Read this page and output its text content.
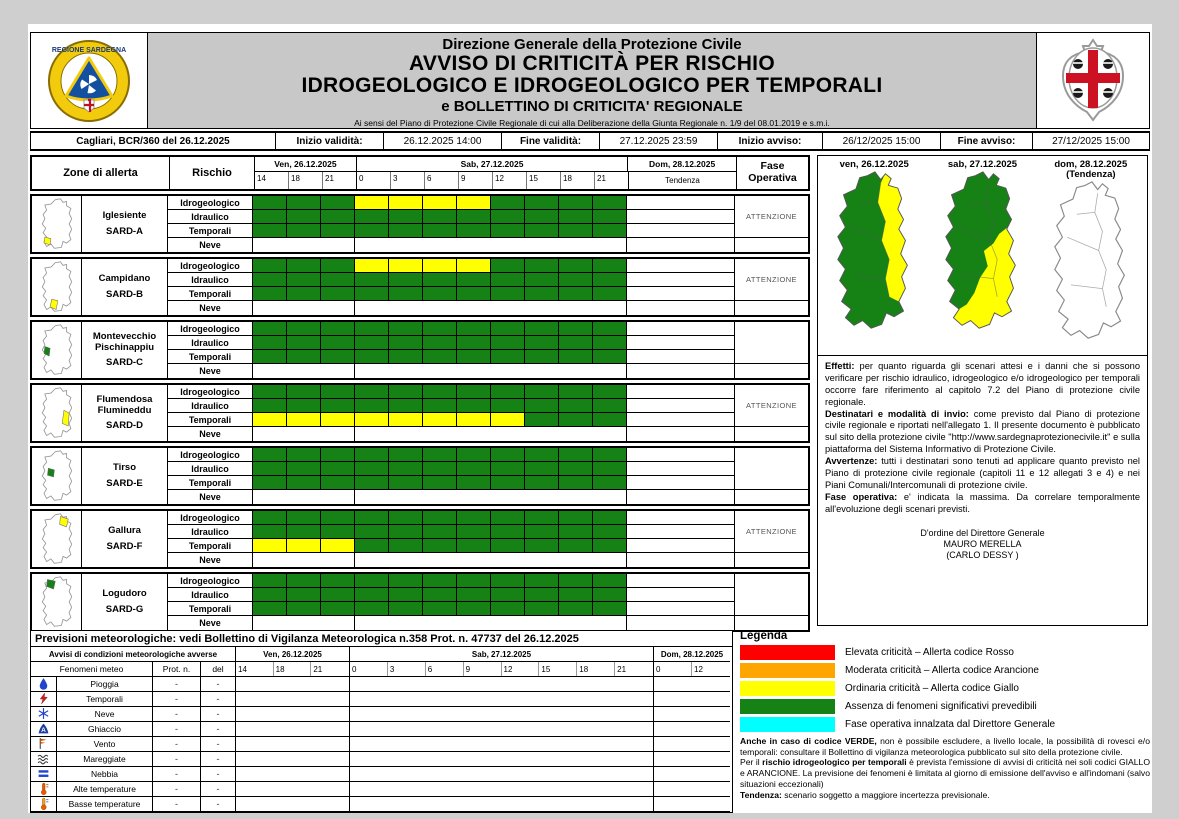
REGIONE SARDEGNA	Direzione Generale della Protezione Civile
AVVISO DI CRITICITÀ PER RISCHIO
IDROGEOLOGICO E IDROGEOLOGICO PER TEMPORALI
e BOLLETTINO DI CRITICITA' REGIONALE
Ai sensi del Piano di Protezione Civile Regionale di cui alla Deliberazione della Giunta Regionale n. 1/9 del 08.01.2019 e s.m.i.
Cagliari, BCR/360 del 26.12.2025	Inizio validità:	26.12.2025 14:00	Fine validità:	27.12.2025 23:59	Inizio avviso:	26/12/2025 15:00	Fine avviso:	27/12/2025 15:00
Zone di allerta	Rischio
Ven, 26.12.2025	Sab, 27.12.2025	Dom, 28.12.2025
14	18	21	0	3	6	9	12	15	18	21	Tendenza
Fase Operativa
Iglesiente
SARD-A
Idrogeologico
Idraulico
Temporali
Neve
ATTENZIONE
Campidano
SARD-B
Idrogeologico
Idraulico
Temporali
Neve
ATTENZIONE
Montevecchio Pischinappiu
SARD-C
Idrogeologico
Idraulico
Temporali
Neve
Flumendosa Flumineddu
SARD-D
Idrogeologico
Idraulico
Temporali
Neve
ATTENZIONE
Tirso
SARD-E
Idrogeologico
Idraulico
Temporali
Neve
Gallura
SARD-F
Idrogeologico
Idraulico
Temporali
Neve
ATTENZIONE
Logudoro
SARD-G
Idrogeologico
Idraulico
Temporali
Neve
ven, 26.12.2025	sab, 27.12.2025	dom, 28.12.2025
(Tendenza)
Effetti: per quanto riguarda gli scenari attesi e i danni che si possono verificare per rischio idraulico, idrogeologico e/o idrogeologico per temporali occorre fare riferimento al capitolo 7.2 del Piano di protezione civile regionale.
Destinatari e modalità di invio: come previsto dal Piano di protezione civile regionale e riportati nell'allegato 1. Il presente documento è pubblicato sul sito della protezione civile "http://www.sardegnaprotezionecivile.it" e sulla piattaforma del Sistema Informativo di Protezione Civile.
Avvertenze: tutti i destinatari sono tenuti ad applicare quanto previsto nel Piano di protezione civile regionale (capitoli 11 e 12 allegati 3 e 4) e nei Piani Comunali/Intercomunali di protezione civile.
Fase operativa: e' indicata la massima. Da correlare temporalmente all'evoluzione degli scenari previsti.
D'ordine del Direttore Generale
MAURO MERELLA
(CARLO DESSY )
Previsioni meteorologiche: vedi Bollettino di Vigilanza Meteorologica n.358 Prot. n. 47737 del 26.12.2025
Avvisi di condizioni meteorologiche avverse	Ven, 26.12.2025	Sab, 27.12.2025	Dom, 28.12.2025
Fenomeni meteo	Prot. n.	del	14	18	21	0	3	6	9	12	15	18	21	0	12
Pioggia	-	-
Temporali	-	-
Neve	-	-
A	Ghiaccio	-	-
Vento	-	-
Mareggiate	-	-
Nebbia	-	-
Alte temperature	-	-
Basse temperature	-	-
Legenda
Elevata criticità – Allerta codice Rosso
Moderata criticità – Allerta codice Arancione
Ordinaria criticità – Allerta codice Giallo
Assenza di fenomeni significativi prevedibili
Fase operativa innalzata dal Direttore Generale
Anche in caso di codice VERDE, non è possibile escludere, a livello locale, la possibilità di rovesci e/o temporali: consultare il Bollettino di vigilanza meteorologica pubblicato sul sito della protezione civile.
Per il rischio idrogeologico per temporali è prevista l'emissione di avvisi di criticità nei soli codici GIALLO e ARANCIONE. La previsione dei fenomeni è limitata al giorno di emissione dell'avviso e all'indomani (salvo situazioni eccezionali)
Tendenza: scenario soggetto a maggiore incertezza previsionale.
